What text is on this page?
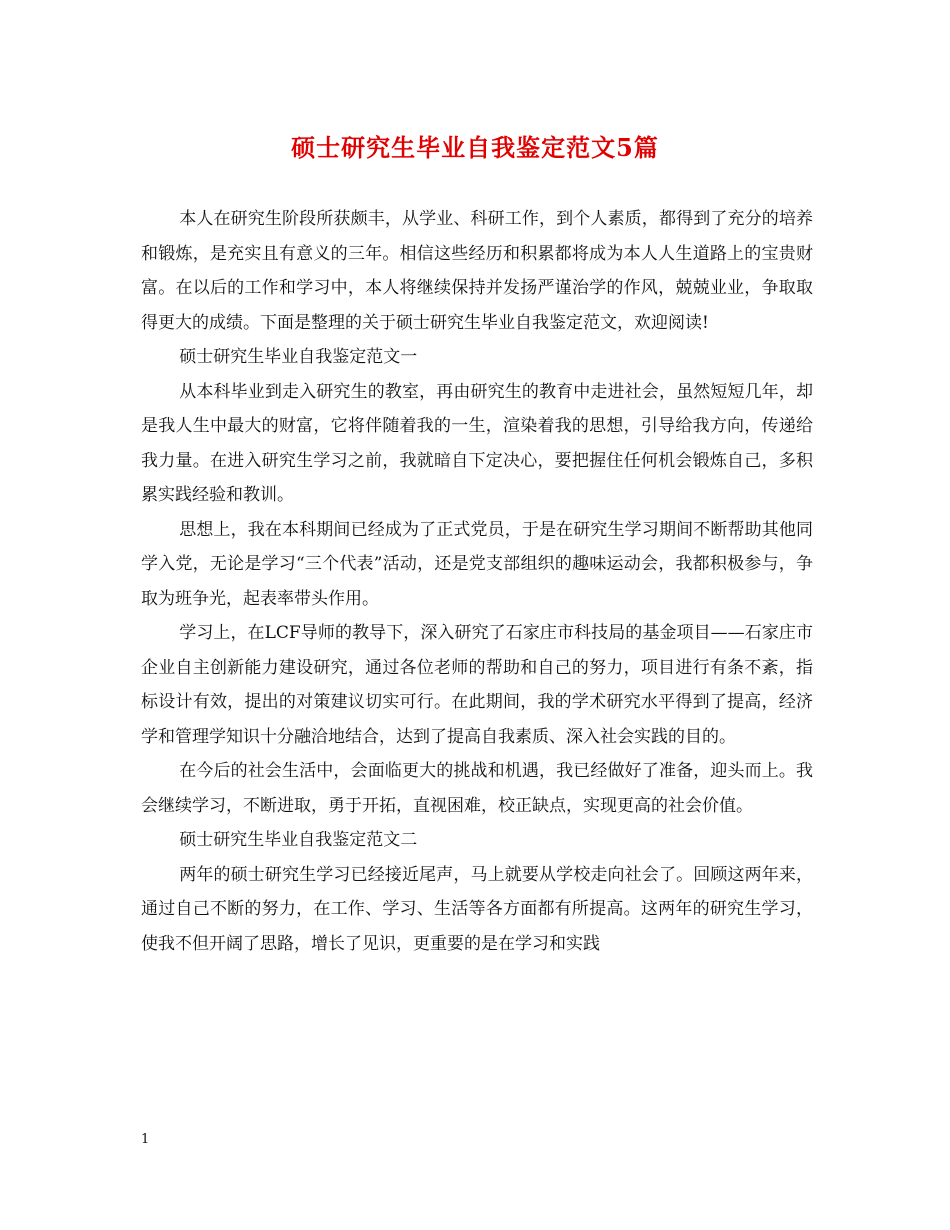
硕士研究生毕业自我鉴定范文5篇

本人在研究生阶段所获颇丰，从学业、科研工作，到个人素质，都得到了充分的培养和锻炼，是充实且有意义的三年。相信这些经历和积累都将成为本人人生道路上的宝贵财富。在以后的工作和学习中，本人将继续保持并发扬严谨治学的作风，兢兢业业，争取取得更大的成绩。下面是整理的关于硕士研究生毕业自我鉴定范文，欢迎阅读!

硕士研究生毕业自我鉴定范文一

从本科毕业到走入研究生的教室，再由研究生的教育中走进社会，虽然短短几年，却是我人生中最大的财富，它将伴随着我的一生，渲染着我的思想，引导给我方向，传递给我力量。在进入研究生学习之前，我就暗自下定决心，要把握住任何机会锻炼自己，多积累实践经验和教训。

思想上，我在本科期间已经成为了正式党员，于是在研究生学习期间不断帮助其他同学入党，无论是学习“三个代表”活动，还是党支部组织的趣味运动会，我都积极参与，争取为班争光，起表率带头作用。

学习上，在LCF导师的教导下，深入研究了石家庄市科技局的基金项目——石家庄市企业自主创新能力建设研究，通过各位老师的帮助和自己的努力，项目进行有条不紊，指标设计有效，提出的对策建议切实可行。在此期间，我的学术研究水平得到了提高，经济学和管理学知识十分融洽地结合，达到了提高自我素质、深入社会实践的目的。

在今后的社会生活中，会面临更大的挑战和机遇，我已经做好了准备，迎头而上。我会继续学习，不断进取，勇于开拓，直视困难，校正缺点，实现更高的社会价值。

硕士研究生毕业自我鉴定范文二

两年的硕士研究生学习已经接近尾声，马上就要从学校走向社会了。回顾这两年来，通过自己不断的努力，在工作、学习、生活等各方面都有所提高。这两年的研究生学习，使我不但开阔了思路，增长了见识，更重要的是在学习和实践

1
